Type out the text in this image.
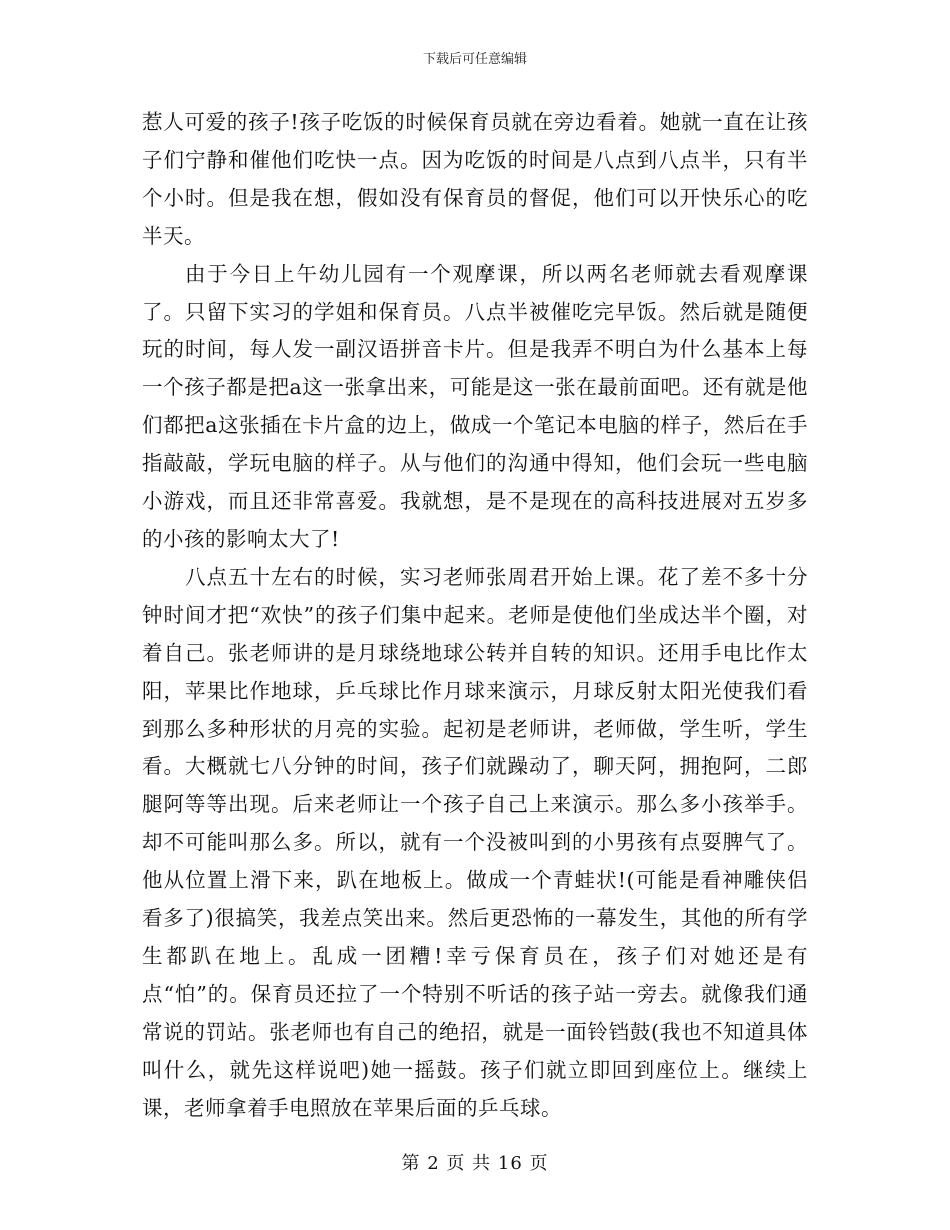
下载后可任意编辑

惹人可爱的孩子!孩子吃饭的时候保育员就在旁边看着。她就一直在让孩子们宁静和催他们吃快一点。因为吃饭的时间是八点到八点半，只有半个小时。但是我在想，假如没有保育员的督促，他们可以开快乐心的吃半天。

由于今日上午幼儿园有一个观摩课，所以两名老师就去看观摩课了。只留下实习的学姐和保育员。八点半被催吃完早饭。然后就是随便玩的时间，每人发一副汉语拼音卡片。但是我弄不明白为什么基本上每一个孩子都是把a这一张拿出来，可能是这一张在最前面吧。还有就是他们都把a这张插在卡片盒的边上，做成一个笔记本电脑的样子，然后在手指敲敲，学玩电脑的样子。从与他们的沟通中得知，他们会玩一些电脑小游戏，而且还非常喜爱。我就想，是不是现在的高科技进展对五岁多的小孩的影响太大了!

八点五十左右的时候，实习老师张周君开始上课。花了差不多十分钟时间才把“欢快”的孩子们集中起来。老师是使他们坐成达半个圈，对着自己。张老师讲的是月球绕地球公转并自转的知识。还用手电比作太阳，苹果比作地球，乒乓球比作月球来演示，月球反射太阳光使我们看到那么多种形状的月亮的实验。起初是老师讲，老师做，学生听，学生看。大概就七八分钟的时间，孩子们就躁动了，聊天阿，拥抱阿，二郎腿阿等等出现。后来老师让一个孩子自己上来演示。那么多小孩举手。却不可能叫那么多。所以，就有一个没被叫到的小男孩有点耍脾气了。他从位置上滑下来，趴在地板上。做成一个青蛙状!(可能是看神雕侠侣看多了)很搞笑，我差点笑出来。然后更恐怖的一幕发生，其他的所有学生都趴在地上。乱成一团糟!幸亏保育员在，孩子们对她还是有点“怕”的。保育员还拉了一个特别不听话的孩子站一旁去。就像我们通常说的罚站。张老师也有自己的绝招，就是一面铃铛鼓(我也不知道具体叫什么，就先这样说吧)她一摇鼓。孩子们就立即回到座位上。继续上课，老师拿着手电照放在苹果后面的乒乓球。

第 2 页 共 16 页
